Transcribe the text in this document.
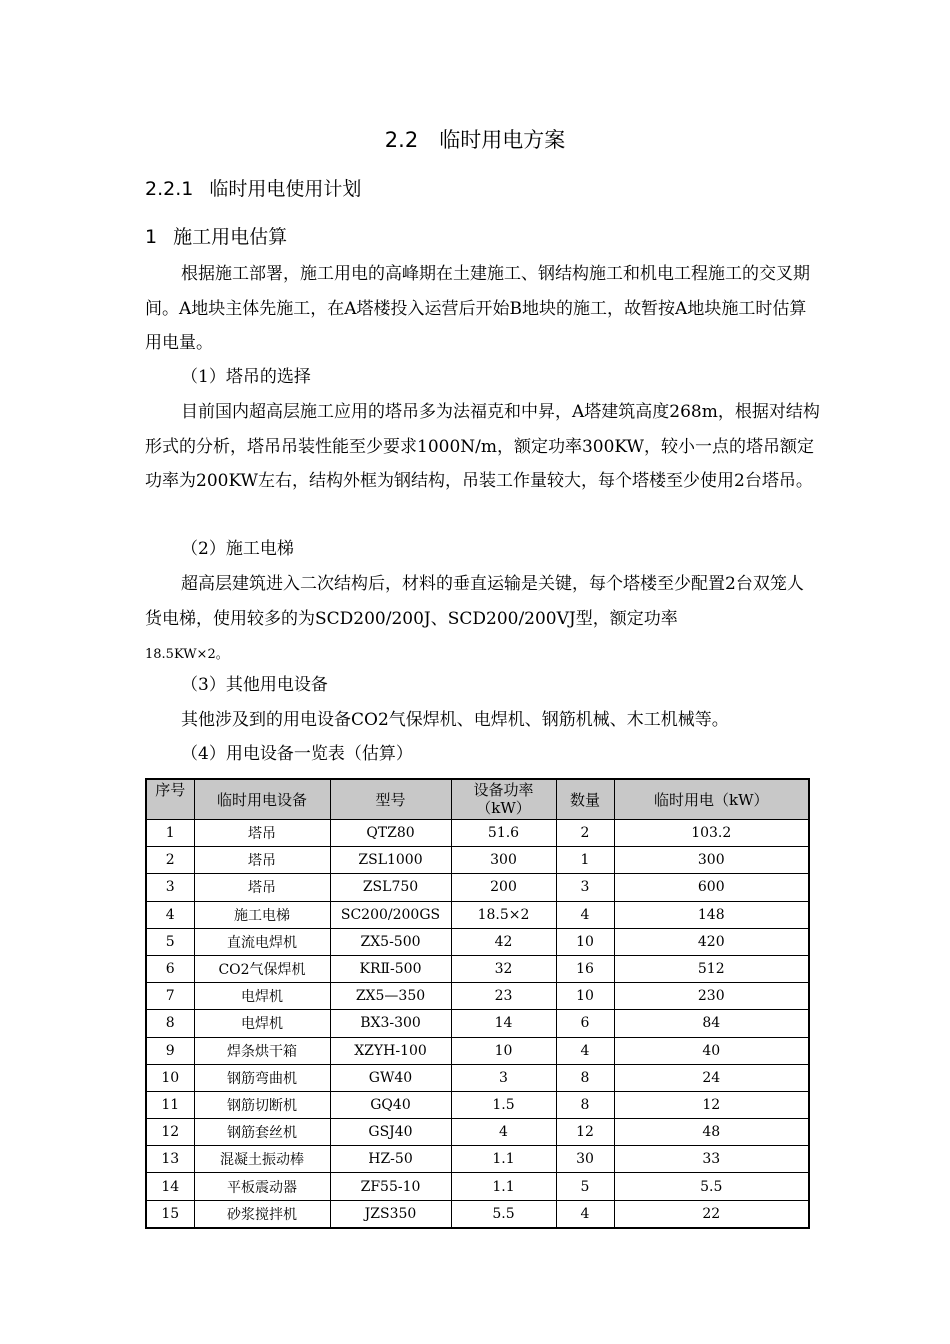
2.2　临时用电方案
2.2.1 临时用电使用计划
1 施工用电估算

根据施工部署，施工用电的高峰期在土建施工、钢结构施工和机电工程施工的交叉期间。A地块主体先施工，在A塔楼投入运营后开始B地块的施工，故暂按A地块施工时估算用电量。

（1）塔吊的选择

目前国内超高层施工应用的塔吊多为法福克和中昇，A塔建筑高度268m，根据对结构形式的分析，塔吊吊装性能至少要求1000N/m，额定功率300KW，较小一点的塔吊额定功率为200KW左右，结构外框为钢结构，吊装工作量较大，每个塔楼至少使用2台塔吊。

（2）施工电梯

超高层建筑进入二次结构后，材料的垂直运输是关键，每个塔楼至少配置2台双笼人货电梯，使用较多的为SCD200/200J、SCD200/200VJ型，额定功率
18.5KW×2。

（3）其他用电设备

其他涉及到的用电设备CO2气保焊机、电焊机、钢筋机械、木工机械等。

（4）用电设备一览表（估算）

序号	临时用电设备	型号	设备功率（kW）	数量	临时用电（kW）
1	塔吊	QTZ80	51.6	2	103.2
2	塔吊	ZSL1000	300	1	300
3	塔吊	ZSL750	200	3	600
4	施工电梯	SC200/200GS	18.5×2	4	148
5	直流电焊机	ZX5-500	42	10	420
6	CO2气保焊机	KRⅡ-500	32	16	512
7	电焊机	ZX5—350	23	10	230
8	电焊机	BX3-300	14	6	84
9	焊条烘干箱	XZYH-100	10	4	40
10	钢筋弯曲机	GW40	3	8	24
11	钢筋切断机	GQ40	1.5	8	12
12	钢筋套丝机	GSJ40	4	12	48
13	混凝土振动棒	HZ-50	1.1	30	33
14	平板震动器	ZF55-10	1.1	5	5.5
15	砂浆搅拌机	JZS350	5.5	4	22
